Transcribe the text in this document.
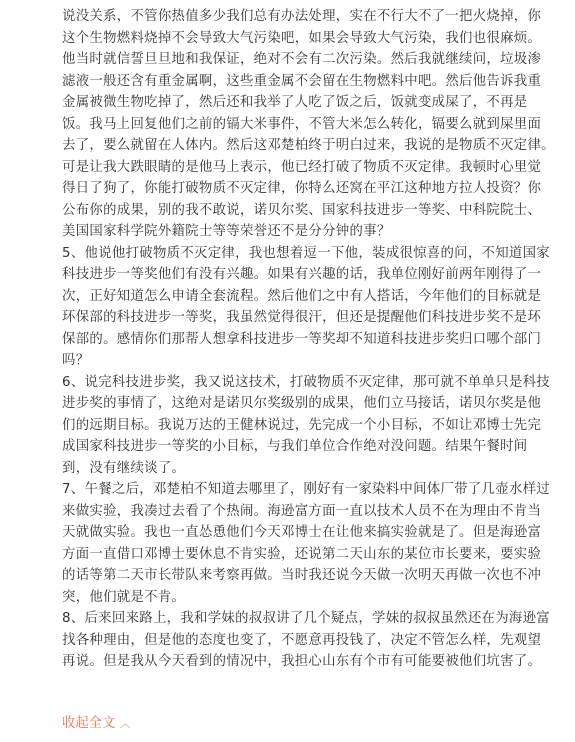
说没关系，不管你热值多少我们总有办法处理，实在不行大不了一把火烧掉，你
这个生物燃料烧掉不会导致大气污染吧，如果会导致大气污染，我们也很麻烦。
他当时就信誓旦旦地和我保证，绝对不会有二次污染。然后我就继续问，垃圾渗
滤液一般还含有重金属啊，这些重金属不会留在生物燃料中吧。然后他告诉我重
金属被微生物吃掉了，然后还和我举了人吃了饭之后，饭就变成屎了，不再是
饭。我马上回复他们之前的镉大米事件，不管大米怎么转化，镉要么就到屎里面
去了，要么就留在人体内。然后这邓楚柏终于明白过来，我说的是物质不灭定律。
可是让我大跌眼睛的是他马上表示，他已经打破了物质不灭定律。我顿时心里觉
得日了狗了，你能打破物质不灭定律，你特么还窝在平江这种地方拉人投资？你
公布你的成果，别的我不敢说，诺贝尔奖、国家科技进步一等奖、中科院院士、
美国国家科学院外籍院士等等荣誉还不是分分钟的事？
5、他说他打破物质不灭定律，我也想着逗一下他，装成很惊喜的问，不知道国家
科技进步一等奖他们有没有兴趣。如果有兴趣的话，我单位刚好前两年刚得了一
次，正好知道怎么申请全套流程。然后他们之中有人搭话，今年他们的目标就是
环保部的科技进步一等奖，我虽然觉得很汗，但还是提醒他们科技进步奖不是环
保部的。感情你们那帮人想拿科技进步一等奖却不知道科技进步奖归口哪个部门
吗？
6、说完科技进步奖，我又说这技术，打破物质不灭定律，那可就不单单只是科技
进步奖的事情了，这绝对是诺贝尔奖级别的成果，他们立马接话，诺贝尔奖是他
们的远期目标。我说万达的王健林说过，先完成一个小目标，不如让邓博士先完
成国家科技进步一等奖的小目标，与我们单位合作绝对没问题。结果午餐时间
到，没有继续谈了。
7、午餐之后，邓楚柏不知道去哪里了，刚好有一家染料中间体厂带了几壶水样过
来做实验，我凑过去看了个热闹。海逊富方面一直以技术人员不在为理由不肯当
天就做实验。我也一直怂恿他们今天邓博士在让他来搞实验就是了。但是海逊富
方面一直借口邓博士要休息不肯实验，还说第二天山东的某位市长要来，要实验
的话等第二天市长带队来考察再做。当时我还说今天做一次明天再做一次也不冲
突，他们就是不肯。
8、后来回来路上，我和学妹的叔叔讲了几个疑点，学妹的叔叔虽然还在为海逊富
找各种理由，但是他的态度也变了，不愿意再投钱了，决定不管怎么样，先观望
再说。但是我从今天看到的情况中，我担心山东有个市有可能要被他们坑害了。
收起全文 ︿
